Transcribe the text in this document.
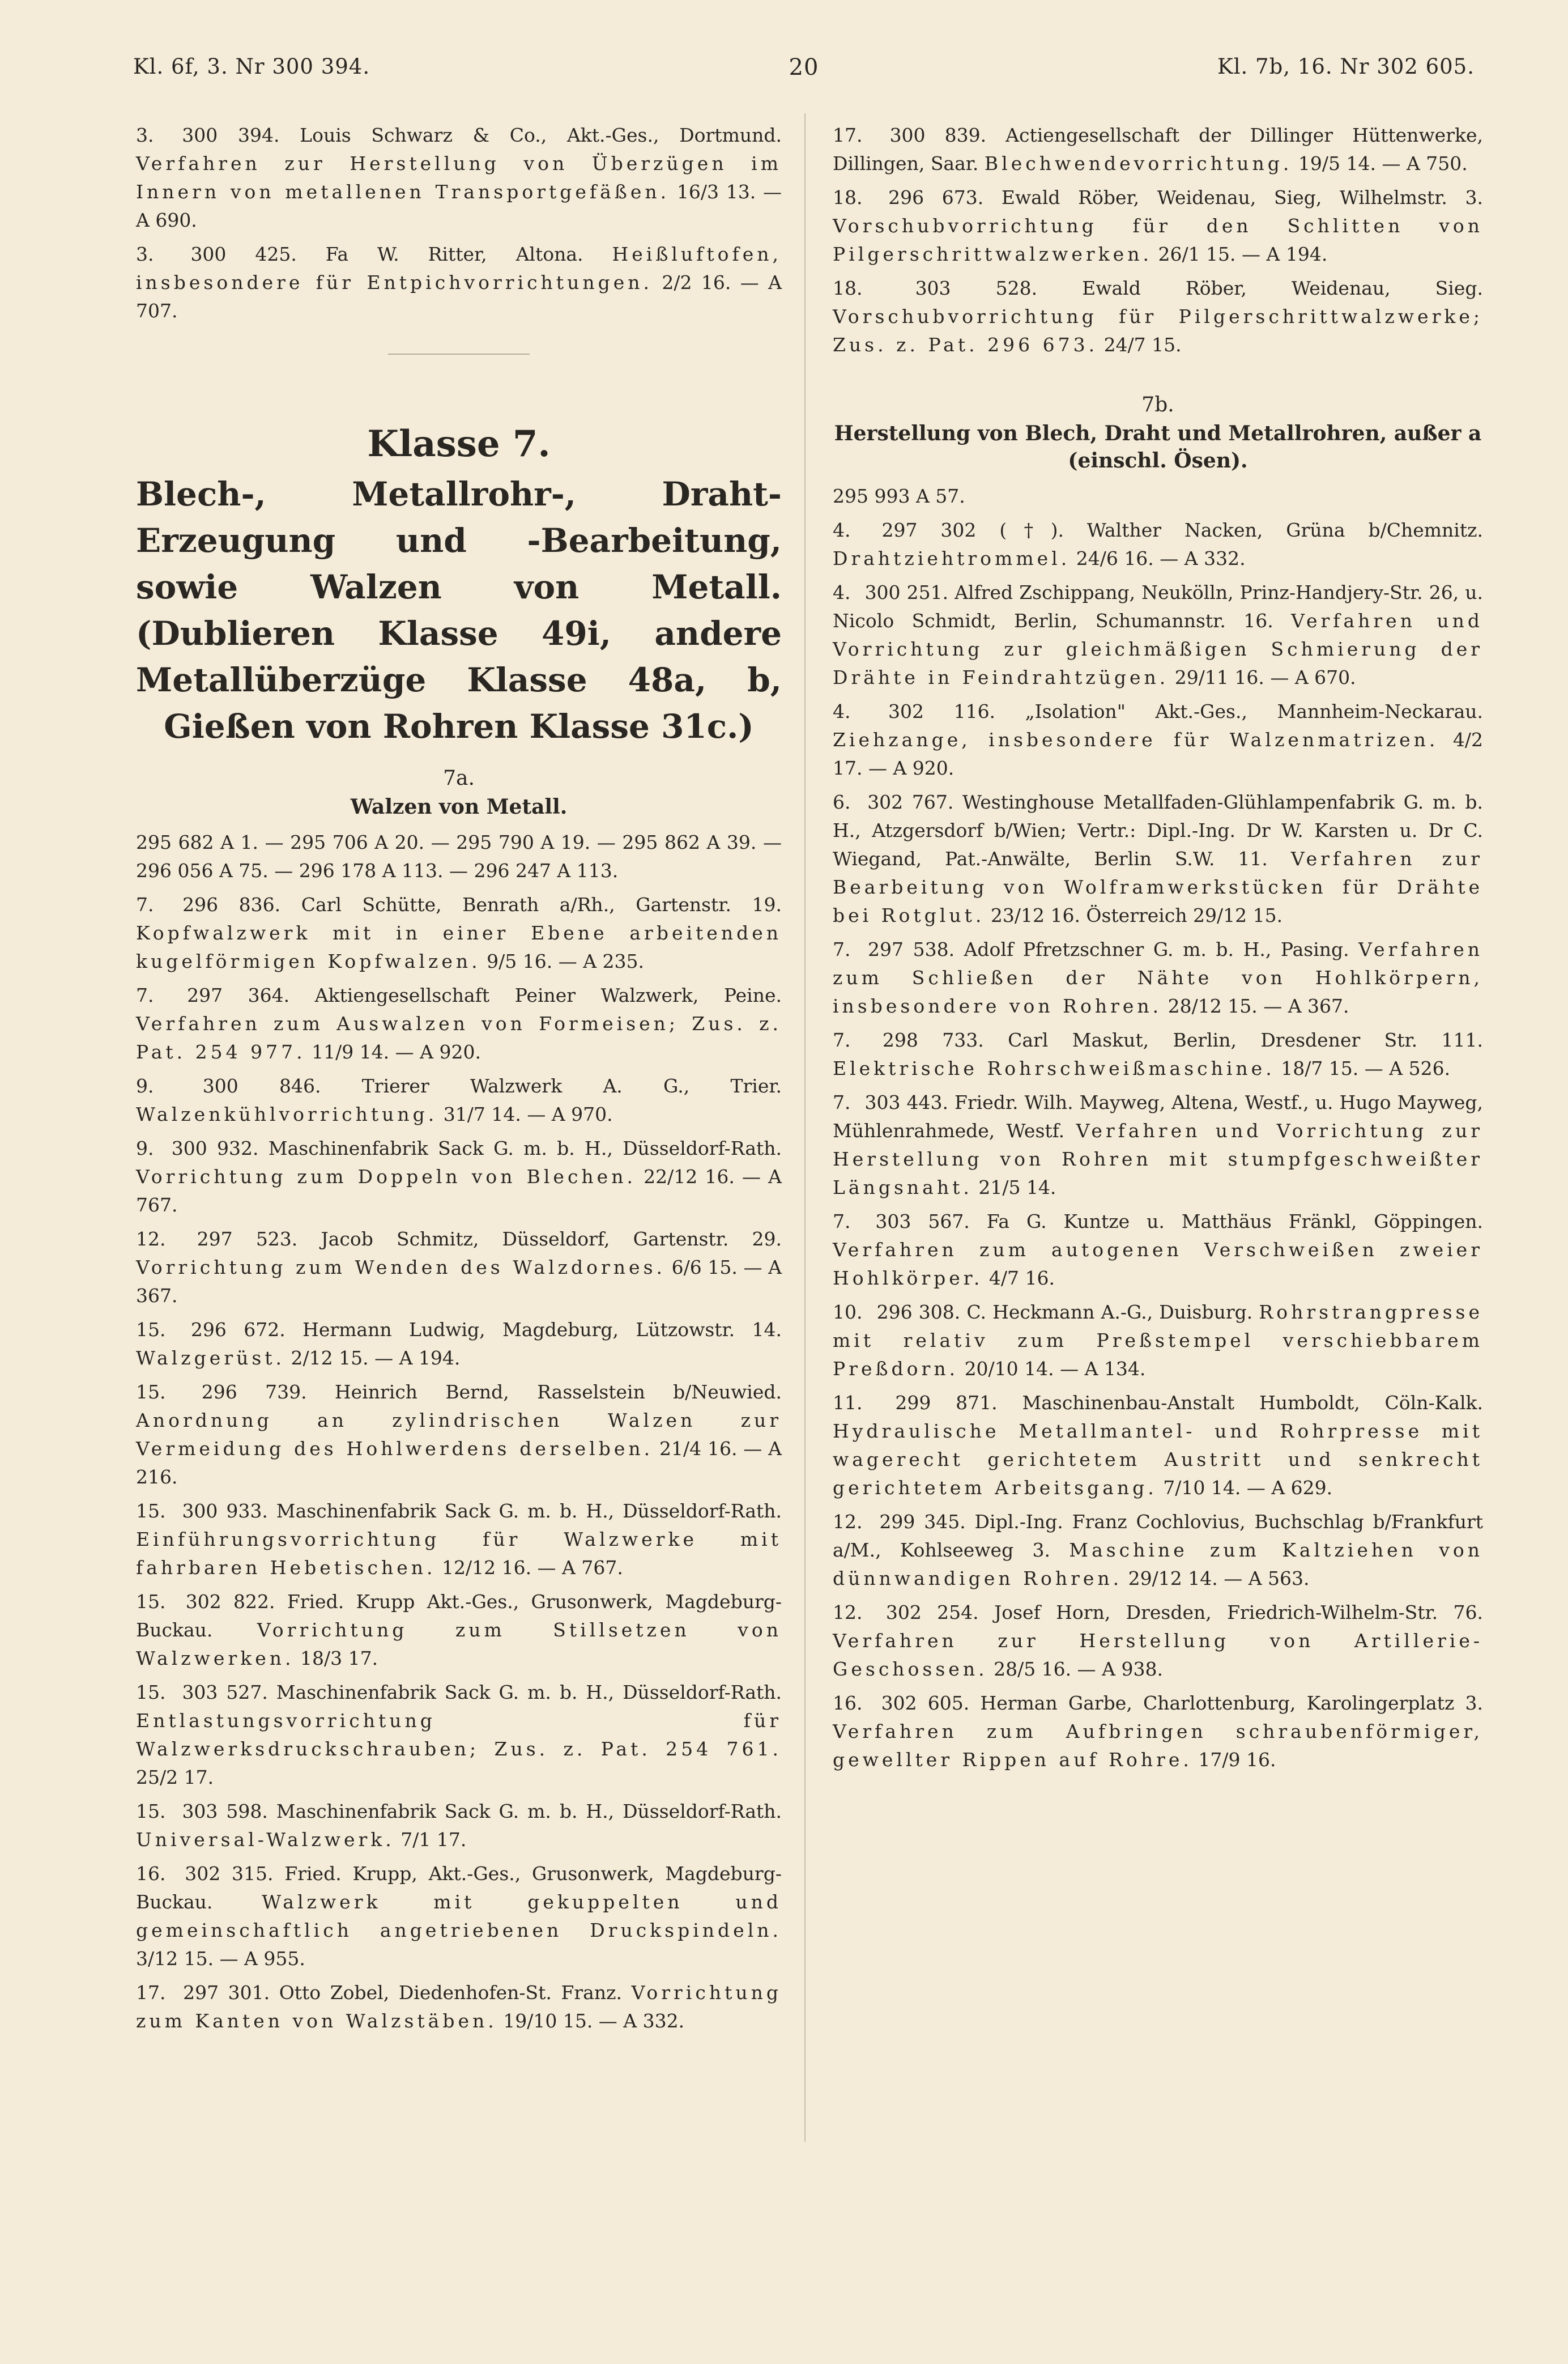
Kl. 6f, 3. Nr 300 394.	20	Kl. 7b, 16. Nr 302 605.
3. 300 394. Louis Schwarz & Co., Akt.-Ges., Dortmund. Verfahren zur Herstellung von Überzügen im Innern von metallenen Transportgefäßen. 16/3 13. — A 690.
3. 300 425. Fa W. Ritter, Altona. Heißluftofen, insbesondere für Entpichvorrichtungen. 2/2 16. — A 707.
Klasse 7.
Blech-, Metallrohr-, Draht-Erzeugung und -Bearbeitung, sowie Walzen von Metall. (Dublieren Klasse 49i, andere Metallüberzüge Klasse 48a, b, Gießen von Rohren Klasse 31c.)
7a.
Walzen von Metall.
295 682 A 1. — 295 706 A 20. — 295 790 A 19. — 295 862 A 39. — 296 056 A 75. — 296 178 A 113. — 296 247 A 113.
7. 296 836. Carl Schütte, Benrath a/Rh., Gartenstr. 19. Kopfwalzwerk mit in einer Ebene arbeitenden kugelförmigen Kopfwalzen. 9/5 16. — A 235.
7. 297 364. Aktiengesellschaft Peiner Walzwerk, Peine. Verfahren zum Auswalzen von Formeisen; Zus. z. Pat. 254 977. 11/9 14. — A 920.
9.	300 846. Trierer Walzwerk A. G., Trier. Walzenkühlvorrichtung. 31/7 14. — A 970.
9. 300 932. Maschinenfabrik Sack G. m. b. H., Düsseldorf-Rath. Vorrichtung zum Doppeln von Blechen. 22/12 16. — A 767.
12. 297 523. Jacob Schmitz, Düsseldorf, Gartenstr. 29. Vorrichtung zum Wenden des Walzdornes. 6/6 15. — A 367.
15. 296 672. Hermann Ludwig, Magdeburg, Lützowstr. 14. Walzgerüst. 2/12 15. — A 194.
15. 296 739. Heinrich Bernd, Rasselstein b/Neuwied. Anordnung an zylindrischen Walzen zur Vermeidung des Hohlwerdens derselben. 21/4 16. — A 216.
15. 300 933. Maschinenfabrik Sack G. m. b. H., Düsseldorf-Rath. Einführungsvorrichtung für Walzwerke mit fahrbaren Hebetischen. 12/12 16. — A 767.
15. 302 822. Fried. Krupp Akt.-Ges., Grusonwerk, Magdeburg-Buckau. Vorrichtung zum Stillsetzen von Walzwerken. 18/3 17.
15. 303 527. Maschinenfabrik Sack G. m. b. H., Düsseldorf-Rath. Entlastungsvorrichtung für Walzwerksdruckschrauben; Zus. z. Pat. 254 761. 25/2 17.
15. 303 598. Maschinenfabrik Sack G. m. b. H., Düsseldorf-Rath. Universal-Walzwerk. 7/1 17.
16. 302 315. Fried. Krupp, Akt.-Ges., Grusonwerk, Magdeburg-Buckau.	Walzwerk mit gekuppelten und gemeinschaftlich angetriebenen Druckspindeln. 3/12 15. — A 955.
17. 297 301. Otto Zobel, Diedenhofen-St. Franz. Vorrichtung zum Kanten von Walzstäben. 19/10 15. — A 332.
17. 300 839. Actiengesellschaft der Dillinger Hüttenwerke, Dillingen, Saar. Blechwendevorrichtung. 19/5 14. — A 750.
18. 296 673. Ewald Röber, Weidenau, Sieg, Wilhelmstr. 3. Vorschubvorrichtung für den Schlitten von Pilgerschrittwalzwerken. 26/1 15. — A 194.
18.	303 528. Ewald Röber, Weidenau, Sieg. Vorschubvorrichtung für Pilgerschrittwalzwerke; Zus. z. Pat. 296 673. 24/7 15.
7b.
Herstellung von Blech, Draht und Metallrohren, außer a (einschl. Ösen).
295 993 A 57.
4. 297 302 (†). Walther Nacken, Grüna b/Chemnitz. Drahtziehtrommel. 24/6 16. — A 332.
4. 300 251. Alfred Zschippang, Neukölln, Prinz-Handjery-Str. 26, u. Nicolo Schmidt, Berlin, Schumannstr. 16. Verfahren und Vorrichtung zur gleichmäßigen Schmierung der Drähte in Feindrahtzügen. 29/11 16. — A 670.
4. 302 116. „Isolation" Akt.-Ges., Mannheim-Neckarau. Ziehzange, insbesondere für Walzenmatrizen. 4/2 17. — A 920.
6. 302 767. Westinghouse Metallfaden-Glühlampenfabrik G. m. b. H., Atzgersdorf b/Wien; Vertr.: Dipl.-Ing. Dr W. Karsten u. Dr C. Wiegand, Pat.-Anwälte, Berlin S.W. 11. Verfahren zur Bearbeitung von Wolframwerkstücken für Drähte bei Rotglut. 23/12 16. Österreich 29/12 15.
7. 297 538. Adolf Pfretzschner G. m. b. H., Pasing. Verfahren zum Schließen der Nähte von Hohlkörpern, insbesondere von Rohren. 28/12 15. — A 367.
7. 298 733. Carl Maskut, Berlin, Dresdener Str. 111. Elektrische Rohrschweißmaschine. 18/7 15. — A 526.
7. 303 443. Friedr. Wilh. Mayweg, Altena, Westf., u. Hugo Mayweg, Mühlenrahmede, Westf. Verfahren und Vorrichtung zur Herstellung von Rohren mit stumpfgeschweißter Längsnaht. 21/5 14.
7. 303 567. Fa G. Kuntze u. Matthäus Fränkl, Göppingen. Verfahren zum autogenen Verschweißen zweier Hohlkörper. 4/7 16.
10. 296 308. C. Heckmann A.-G., Duisburg. Rohrstrangpresse mit relativ zum Preßstempel verschiebbarem Preßdorn. 20/10 14. — A 134.
11. 299 871. Maschinenbau-Anstalt Humboldt, Cöln-Kalk. Hydraulische Metallmantel- und Rohrpresse mit wagerecht gerichtetem Austritt und senkrecht gerichtetem Arbeitsgang. 7/10 14. — A 629.
12. 299 345. Dipl.-Ing. Franz Cochlovius, Buchschlag b/Frankfurt a/M., Kohlseeweg 3. Maschine zum Kaltziehen von dünnwandigen Rohren. 29/12 14. — A 563.
12. 302 254. Josef Horn, Dresden, Friedrich-Wilhelm-Str. 76. Verfahren zur Herstellung von Artillerie-Geschossen. 28/5 16. — A 938.
16. 302 605. Herman Garbe, Charlottenburg, Karolingerplatz 3. Verfahren zum Aufbringen schraubenförmiger, gewellter Rippen auf Rohre. 17/9 16.
